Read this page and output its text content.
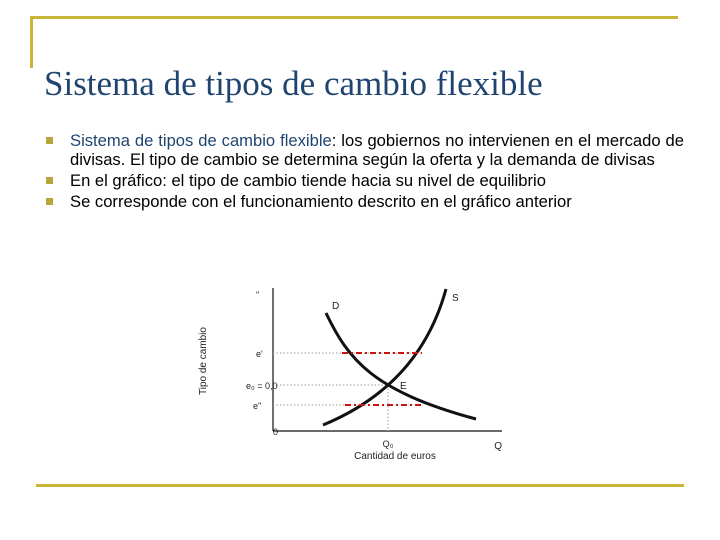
Sistema de tipos de cambio flexible
Sistema de tipos de cambio flexible: los gobiernos no intervienen en el mercado de divisas. El tipo de cambio se determina según la oferta y la demanda de divisas
En el gráfico: el tipo de cambio tiende hacia su nivel de equilibrio
Se corresponde con el funcionamiento descrito en el gráfico anterior
Tipo de cambio
Cantidad de euros
"
Q
0
e'
e₀ = 0,0
e''
Q₀
D
S
E
